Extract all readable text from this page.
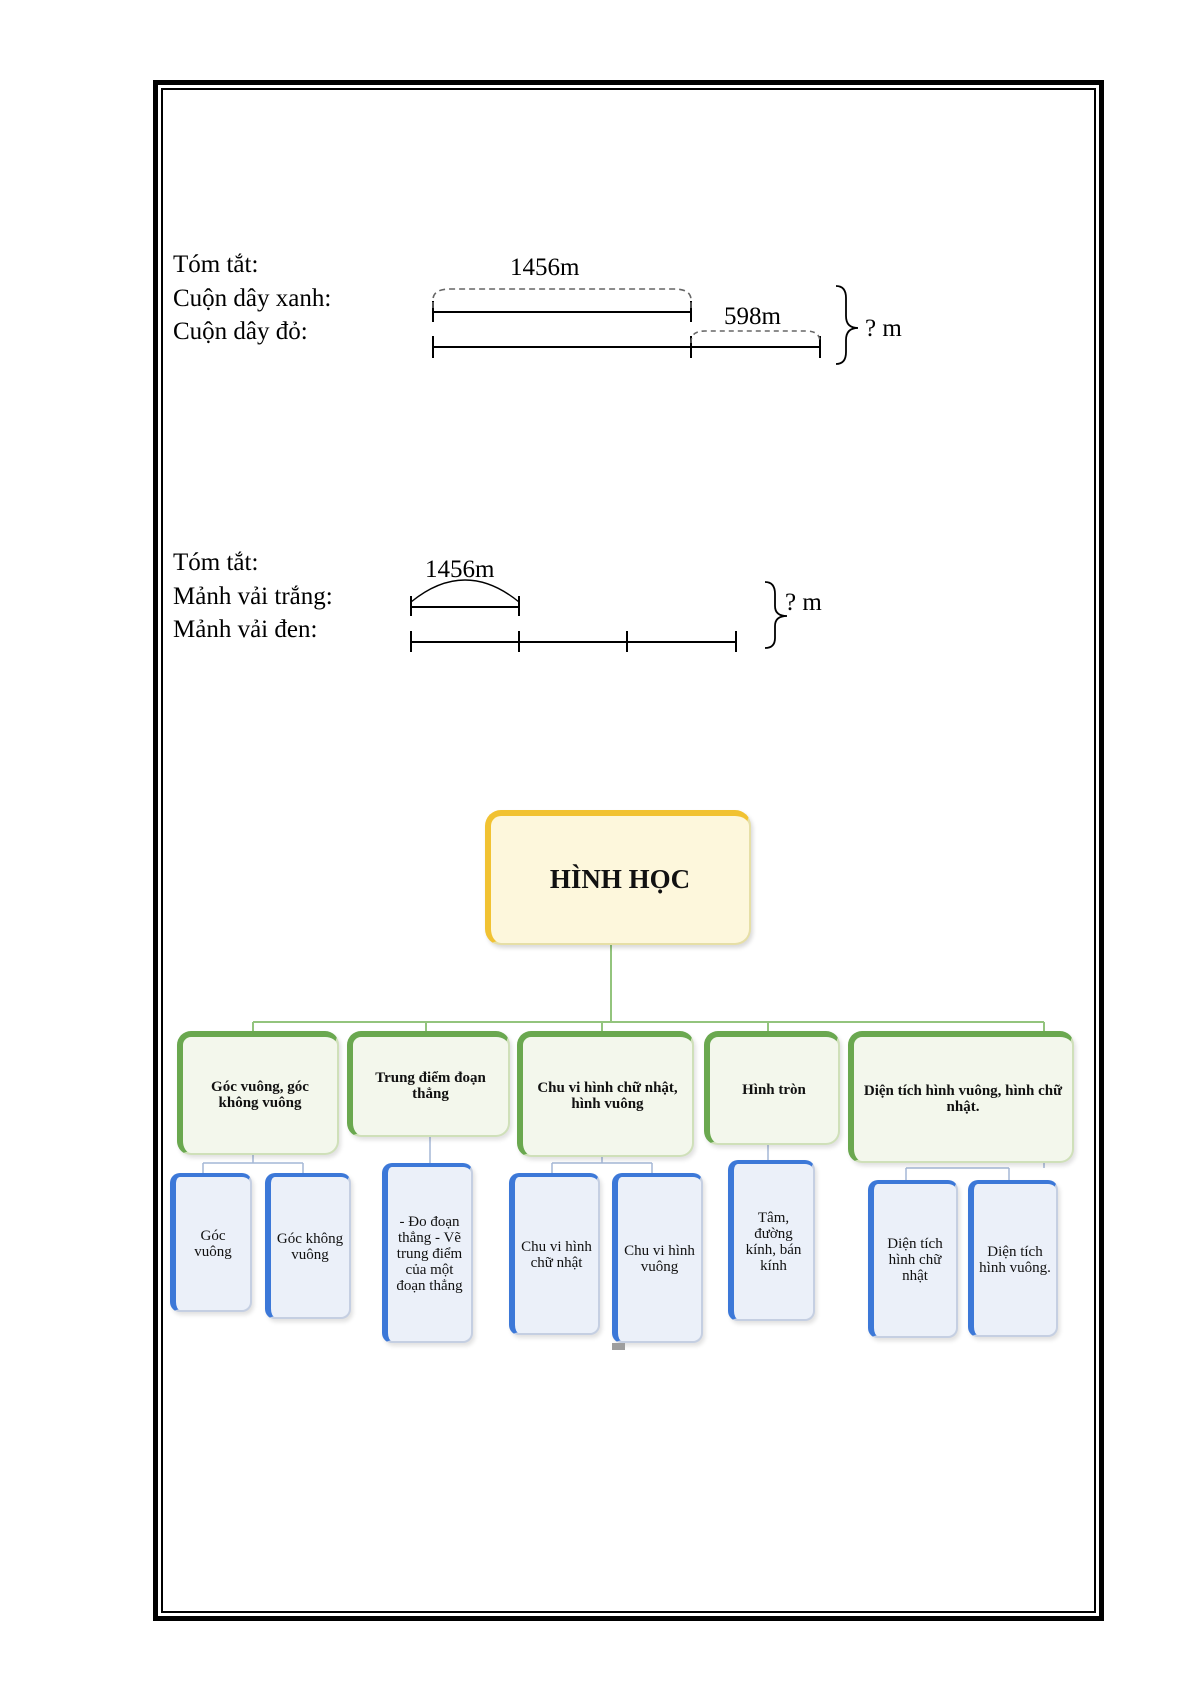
Tóm tắt:
Cuộn dây xanh:
Cuộn dây đỏ:
1456m
598m	? m
Tóm tắt:
Mảnh vải trắng:
Mảnh vải đen:
1456m
? m
HÌNH HỌC
Góc vuông, góc không vuông
Trung điểm đoạn thẳng	Chu vi hình chữ nhật, hình vuông
Hình tròn	Diện tích hình vuông, hình chữ nhật.
Góc vuông
Góc không vuông
- Đo đoạn thẳng - Vẽ trung điểm của một đoạn thẳng
Chu vi hình chữ nhật
Chu vi hình vuông
Tâm, đường kính, bán kính
Diện tích hình chữ nhật
Diện tích hình vuông.
